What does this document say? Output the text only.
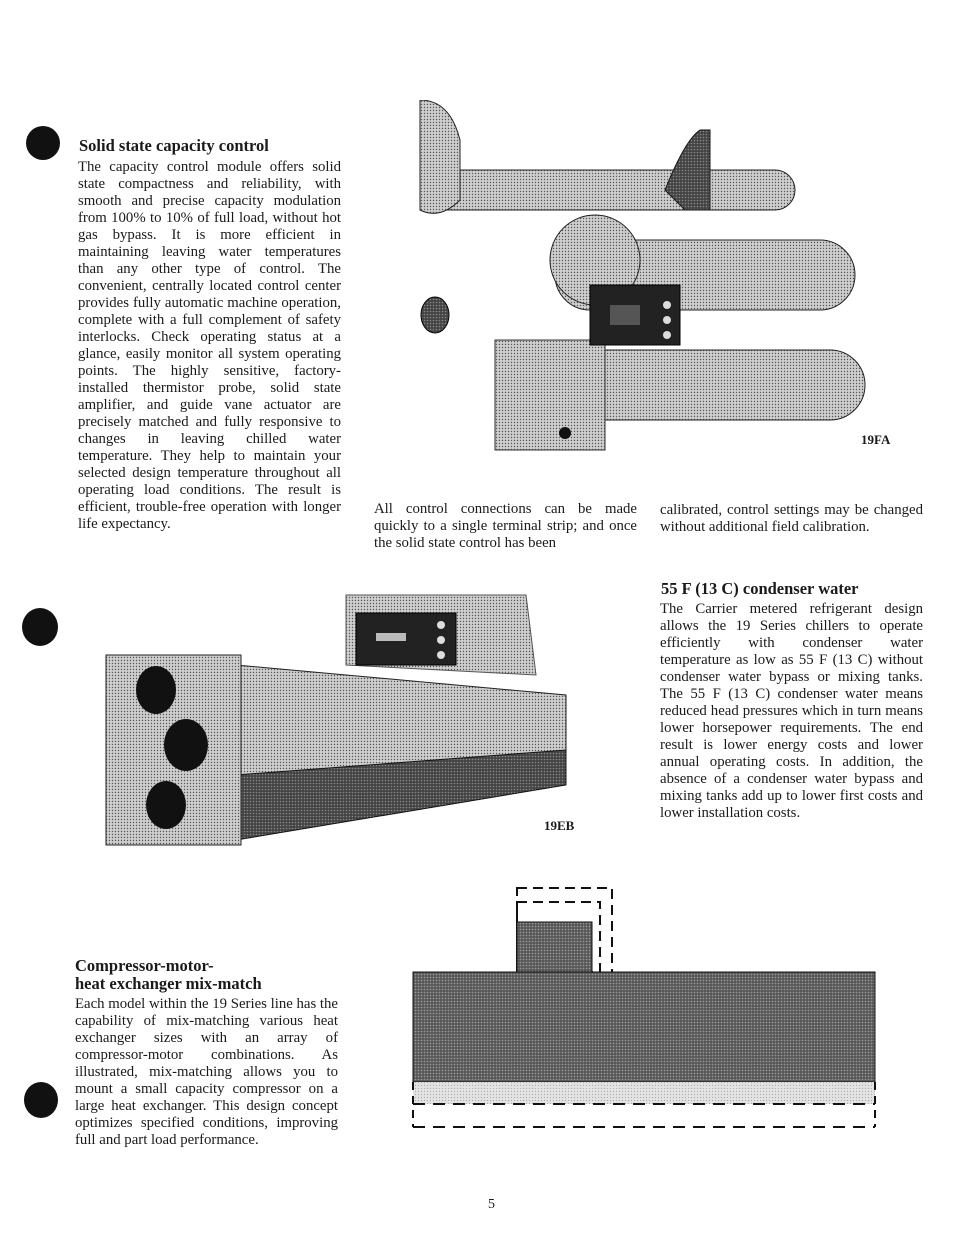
Solid state capacity control
The capacity control module offers solid state compactness and reliability, with smooth and precise capacity modulation from 100% to 10% of full load, without hot gas bypass. It is more efficient in maintaining leaving water temperatures than any other type of control. The convenient, centrally located control center provides fully automatic machine operation, complete with a full complement of safety interlocks. Check operating status at a glance, easily monitor all system operating points. The highly sensitive, factory-installed thermistor probe, solid state amplifier, and guide vane actuator are precisely matched and fully responsive to changes in leaving chilled water temperature. They help to maintain your selected design temperature throughout all operating load conditions. The result is efficient, trouble-free operation with longer life expectancy.
19FA
All control connections can be made quickly to a single terminal strip; and once the solid state control has been
calibrated, control settings may be changed without additional field calibration.
55 F (13 C) condenser water
The Carrier metered refrigerant design allows the 19 Series chillers to operate efficiently with condenser water temperature as low as 55 F (13 C) without condenser water bypass or mixing tanks. The 55 F (13 C) condenser water means reduced head pressures which in turn means lower horsepower requirements. The end result is lower energy costs and lower annual operating costs. In addition, the absence of a condenser water bypass and mixing tanks add up to lower first costs and lower installation costs.
19EB
Compressor-motor-
heat exchanger mix-match
Each model within the 19 Series line has the capability of mix-matching various heat exchanger sizes with an array of compressor-motor combinations. As illustrated, mix-matching allows you to mount a small capacity compressor on a large heat exchanger. This design concept optimizes specified conditions, improving full and part load performance.
5
